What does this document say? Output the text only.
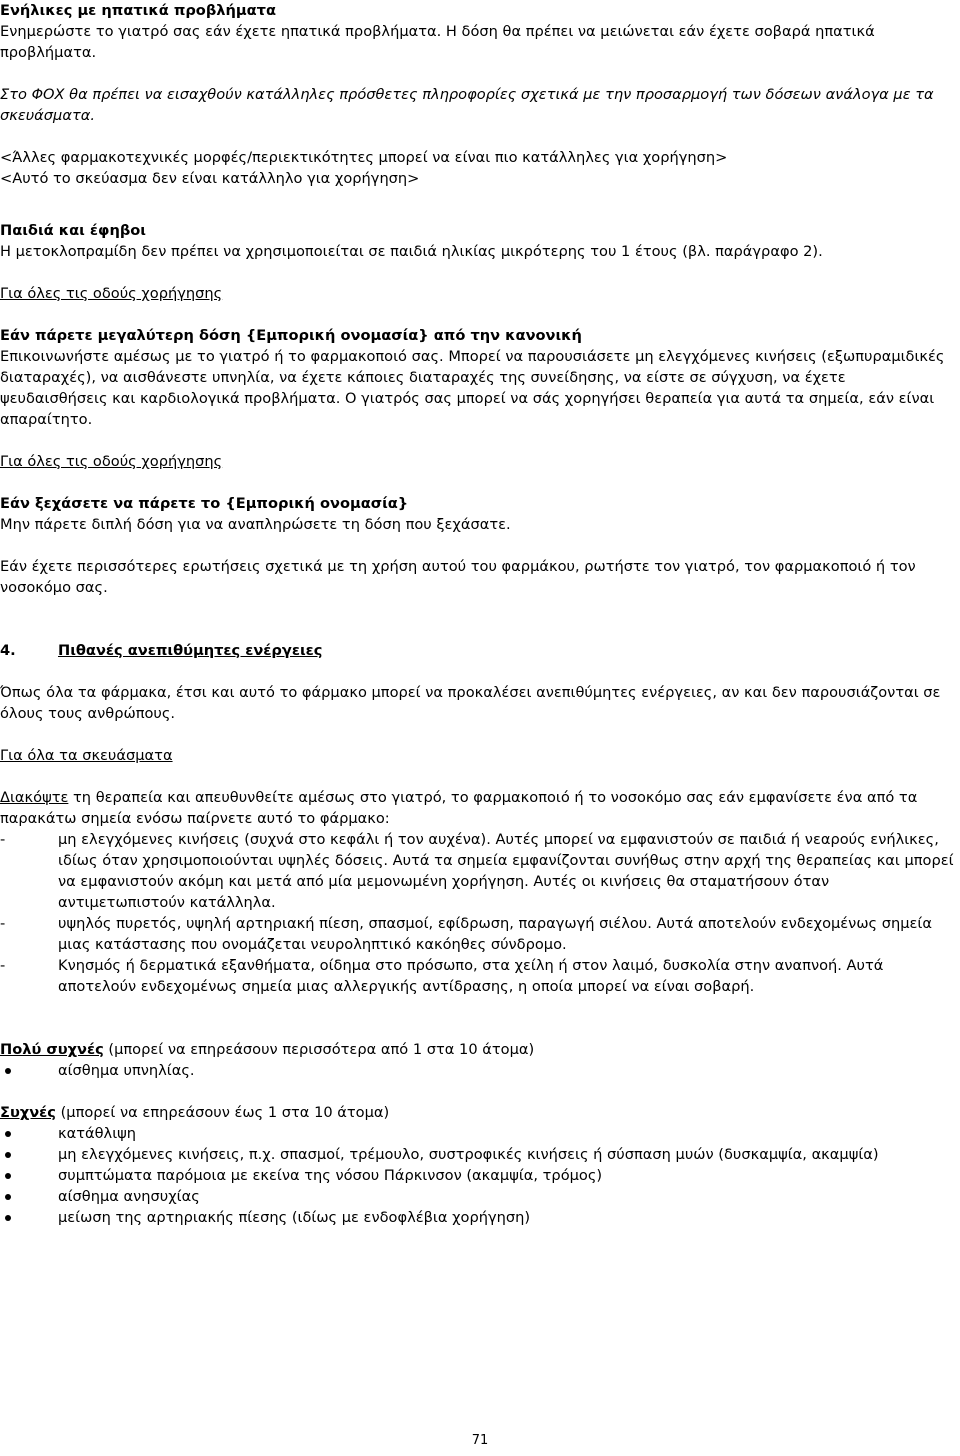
Ενήλικες με ηπατικά προβλήματα

Ενημερώστε το γιατρό σας εάν έχετε ηπατικά προβλήματα. Η δόση θα πρέπει να μειώνεται εάν έχετε σοβαρά ηπατικά προβλήματα.

Στο ΦΟΧ θα πρέπει να εισαχθούν κατάλληλες πρόσθετες πληροφορίες σχετικά με την προσαρμογή των δόσεων ανάλογα με τα σκευάσματα.

<Άλλες φαρμακοτεχνικές μορφές/περιεκτικότητες μπορεί να είναι πιο κατάλληλες για χορήγηση>

<Αυτό το σκεύασμα δεν είναι κατάλληλο για χορήγηση>

Παιδιά και έφηβοι

Η μετοκλοπραμίδη δεν πρέπει να χρησιμοποιείται σε παιδιά ηλικίας μικρότερης του 1 έτους (βλ. παράγραφο 2).

Για όλες τις οδούς χορήγησης

Εάν πάρετε μεγαλύτερη δόση {Εμπορική ονομασία} από την κανονική

Επικοινωνήστε αμέσως με το γιατρό ή το φαρμακοποιό σας. Μπορεί να παρουσιάσετε μη ελεγχόμενες κινήσεις (εξωπυραμιδικές διαταραχές), να αισθάνεστε υπνηλία, να έχετε κάποιες διαταραχές της συνείδησης, να είστε σε σύγχυση, να έχετε ψευδαισθήσεις και καρδιολογικά προβλήματα. Ο γιατρός σας μπορεί να σάς χορηγήσει θεραπεία για αυτά τα σημεία, εάν είναι απαραίτητο.

Για όλες τις οδούς χορήγησης

Εάν ξεχάσετε να πάρετε το {Εμπορική ονομασία}

Μην πάρετε διπλή δόση για να αναπληρώσετε τη δόση που ξεχάσατε.

Εάν έχετε περισσότερες ερωτήσεις σχετικά με τη χρήση αυτού του φαρμάκου, ρωτήστε τον γιατρό, τον φαρμακοποιό ή τον νοσοκόμο σας.

4.	Πιθανές ανεπιθύμητες ενέργειες

Όπως όλα τα φάρμακα, έτσι και αυτό το φάρμακο μπορεί να προκαλέσει ανεπιθύμητες ενέργειες, αν και δεν παρουσιάζονται σε όλους τους ανθρώπους.

Για όλα τα σκευάσματα

Διακόψτε τη θεραπεία και απευθυνθείτε αμέσως στο γιατρό, το φαρμακοποιό ή το νοσοκόμο σας εάν εμφανίσετε ένα από τα παρακάτω σημεία ενόσω παίρνετε αυτό το φάρμακο:

-	μη ελεγχόμενες κινήσεις (συχνά στο κεφάλι ή τον αυχένα). Αυτές μπορεί να εμφανιστούν σε παιδιά ή νεαρούς ενήλικες, ιδίως όταν χρησιμοποιούνται υψηλές δόσεις. Αυτά τα σημεία εμφανίζονται συνήθως στην αρχή της θεραπείας και μπορεί να εμφανιστούν ακόμη και μετά από μία μεμονωμένη χορήγηση. Αυτές οι κινήσεις θα σταματήσουν όταν αντιμετωπιστούν κατάλληλα.
-	υψηλός πυρετός, υψηλή αρτηριακή πίεση, σπασμοί, εφίδρωση, παραγωγή σιέλου. Αυτά αποτελούν ενδεχομένως σημεία μιας κατάστασης που ονομάζεται νευροληπτικό κακόηθες σύνδρομο.
-	Κνησμός ή δερματικά εξανθήματα, οίδημα στο πρόσωπο, στα χείλη ή στον λαιμό, δυσκολία στην αναπνοή. Αυτά αποτελούν ενδεχομένως σημεία μιας αλλεργικής αντίδρασης, η οποία μπορεί να είναι σοβαρή.

Πολύ συχνές (μπορεί να επηρεάσουν περισσότερα από 1 στα 10 άτομα)

αίσθημα υπνηλίας.

Συχνές (μπορεί να επηρεάσουν έως 1 στα 10 άτομα)

κατάθλιψη
μη ελεγχόμενες κινήσεις, π.χ. σπασμοί, τρέμουλο, συστροφικές κινήσεις ή σύσπαση μυών (δυσκαμψία, ακαμψία)
συμπτώματα παρόμοια με εκείνα της νόσου Πάρκινσον (ακαμψία, τρόμος)
αίσθημα ανησυχίας
μείωση της αρτηριακής πίεσης (ιδίως με ενδοφλέβια χορήγηση)
71
